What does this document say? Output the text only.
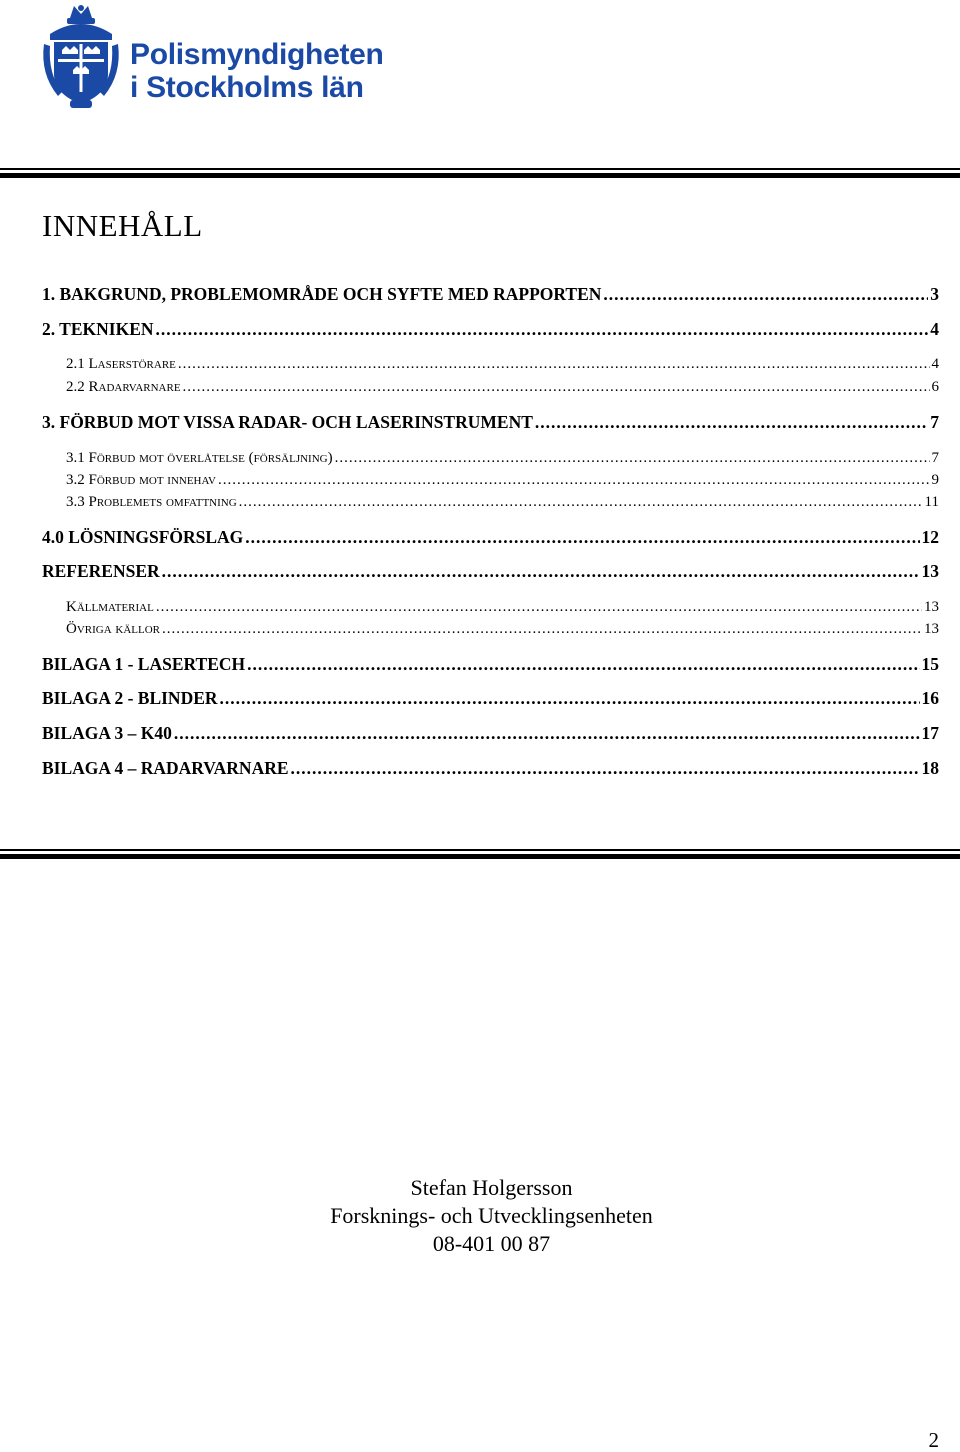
Polismyndigheten
i Stockholms län
INNEHÅLL
1. BAKGRUND, PROBLEMOMRÅDE OCH SYFTE MED RAPPORTEN .....	3
2. TEKNIKEN .....	4
2.1 Laserstörare .....	4
2.2 Radarvarnare .....	6
3. FÖRBUD MOT VISSA RADAR- OCH LASERINSTRUMENT .....	7
3.1 Förbud mot överlåtelse (försäljning) .....	7
3.2 Förbud mot innehav .....	9
3.3 Problemets omfattning .....	11
4.0 LÖSNINGSFÖRSLAG .....	12
REFERENSER .....	13
Källmaterial .....	13
Övriga källor .....	13
BILAGA 1 - LASERTECH .....	15
BILAGA 2 - BLINDER .....	16
BILAGA 3 – K40 .....	17
BILAGA 4 – RADARVARNARE .....	18
Stefan Holgersson
Forsknings- och Utvecklingsenheten
08-401 00 87
2
